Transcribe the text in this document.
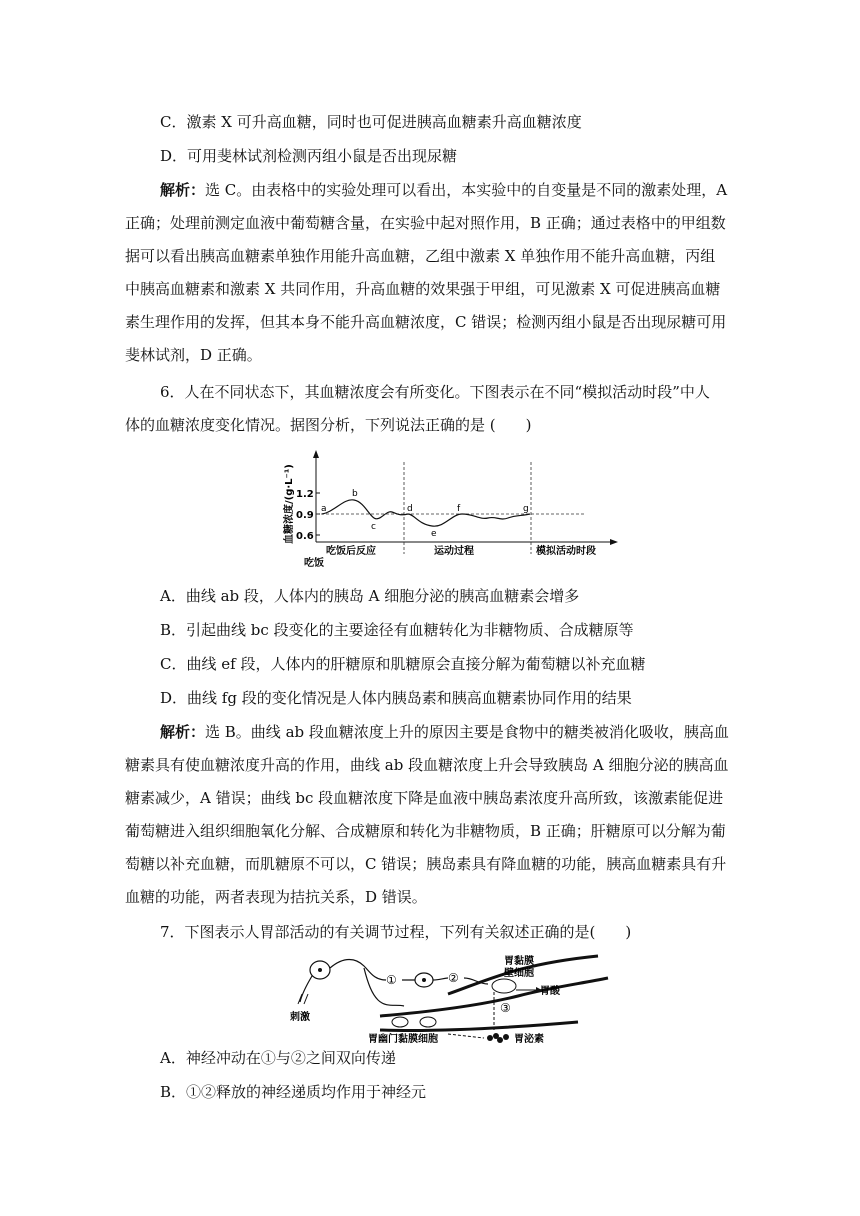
C．激素 X 可升高血糖，同时也可促进胰高血糖素升高血糖浓度
D．可用斐林试剂检测丙组小鼠是否出现尿糖
解析：选 C。由表格中的实验处理可以看出，本实验中的自变量是不同的激素处理，A
正确；处理前测定血液中葡萄糖含量，在实验中起对照作用，B 正确；通过表格中的甲组数
据可以看出胰高血糖素单独作用能升高血糖，乙组中激素 X 单独作用不能升高血糖，丙组
中胰高血糖素和激素 X 共同作用，升高血糖的效果强于甲组，可见激素 X 可促进胰高血糖
素生理作用的发挥，但其本身不能升高血糖浓度，C 错误；检测丙组小鼠是否出现尿糖可用
斐林试剂，D 正确。
6．人在不同状态下，其血糖浓度会有所变化。下图表示在不同“模拟活动时段”中人
体的血糖浓度变化情况。据图分析，下列说法正确的是 (　　)
血糖浓度/(g·L⁻¹) 1.2
0.9
0.6
a
b
c
d
e
f	g
吃饭后反应	运动过程	模拟活动时段
吃饭
A．曲线 ab 段，人体内的胰岛 A 细胞分泌的胰高血糖素会增多
B．引起曲线 bc 段变化的主要途径有血糖转化为非糖物质、合成糖原等
C．曲线 ef 段，人体内的肝糖原和肌糖原会直接分解为葡萄糖以补充血糖
D．曲线 fg 段的变化情况是人体内胰岛素和胰高血糖素协同作用的结果
解析：选 B。曲线 ab 段血糖浓度上升的原因主要是食物中的糖类被消化吸收，胰高血
糖素具有使血糖浓度升高的作用，曲线 ab 段血糖浓度上升会导致胰岛 A 细胞分泌的胰高血
糖素减少，A 错误；曲线 bc 段血糖浓度下降是血液中胰岛素浓度升高所致，该激素能促进
葡萄糖进入组织细胞氧化分解、合成糖原和转化为非糖物质，B 正确；肝糖原可以分解为葡
萄糖以补充血糖，而肌糖原不可以，C 错误；胰岛素具有降血糖的功能，胰高血糖素具有升
血糖的功能，两者表现为拮抗关系，D 错误。
7．下图表示人胃部活动的有关调节过程，下列有关叙述正确的是(　　)
刺激
①	②
胃黏膜
壁细胞
胃酸
③
胃幽门黏膜细胞	胃泌素
A．神经冲动在①与②之间双向传递
B．①②释放的神经递质均作用于神经元
